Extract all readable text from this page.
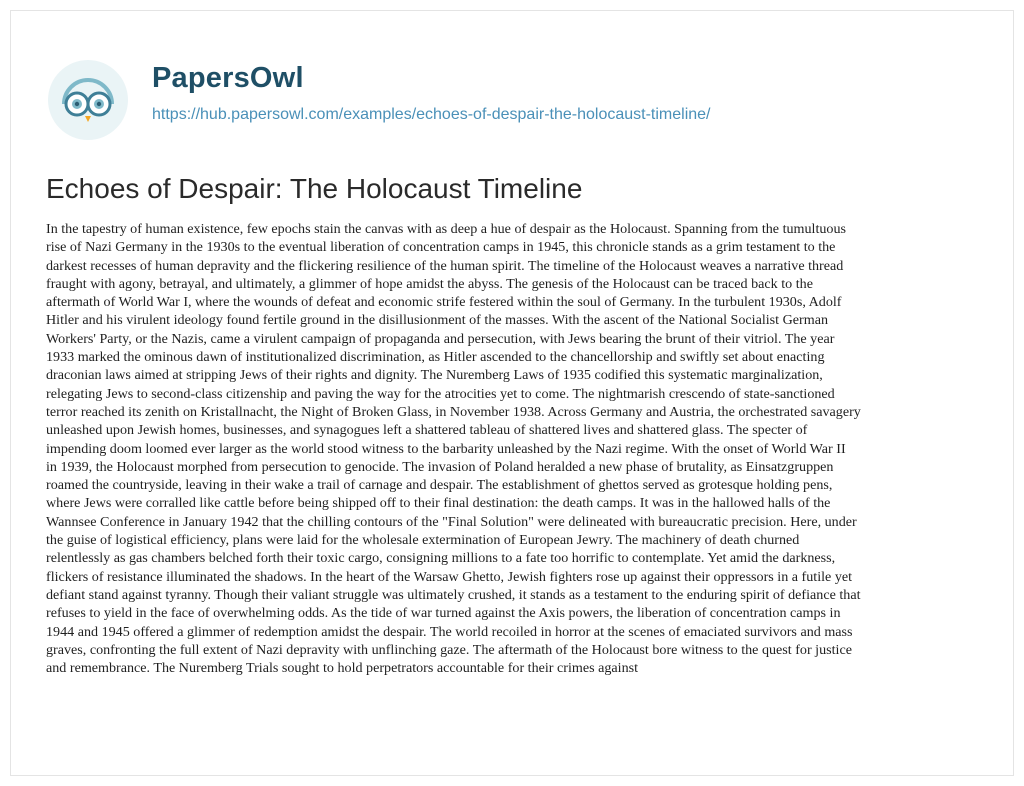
PapersOwl
https://hub.papersowl.com/examples/echoes-of-despair-the-holocaust-timeline/
Echoes of Despair: The Holocaust Timeline
In the tapestry of human existence, few epochs stain the canvas with as deep a hue of despair as the Holocaust. Spanning from the tumultuous
rise of Nazi Germany in the 1930s to the eventual liberation of concentration camps in 1945, this chronicle stands as a grim testament to the
darkest recesses of human depravity and the flickering resilience of the human spirit. The timeline of the Holocaust weaves a narrative thread
fraught with agony, betrayal, and ultimately, a glimmer of hope amidst the abyss. The genesis of the Holocaust can be traced back to the
aftermath of World War I, where the wounds of defeat and economic strife festered within the soul of Germany. In the turbulent 1930s, Adolf
Hitler and his virulent ideology found fertile ground in the disillusionment of the masses. With the ascent of the National Socialist German
Workers' Party, or the Nazis, came a virulent campaign of propaganda and persecution, with Jews bearing the brunt of their vitriol. The year
1933 marked the ominous dawn of institutionalized discrimination, as Hitler ascended to the chancellorship and swiftly set about enacting
draconian laws aimed at stripping Jews of their rights and dignity. The Nuremberg Laws of 1935 codified this systematic marginalization,
relegating Jews to second-class citizenship and paving the way for the atrocities yet to come. The nightmarish crescendo of state-sanctioned
terror reached its zenith on Kristallnacht, the Night of Broken Glass, in November 1938. Across Germany and Austria, the orchestrated savagery
unleashed upon Jewish homes, businesses, and synagogues left a shattered tableau of shattered lives and shattered glass. The specter of
impending doom loomed ever larger as the world stood witness to the barbarity unleashed by the Nazi regime. With the onset of World War II
in 1939, the Holocaust morphed from persecution to genocide. The invasion of Poland heralded a new phase of brutality, as Einsatzgruppen
roamed the countryside, leaving in their wake a trail of carnage and despair. The establishment of ghettos served as grotesque holding pens,
where Jews were corralled like cattle before being shipped off to their final destination: the death camps. It was in the hallowed halls of the
Wannsee Conference in January 1942 that the chilling contours of the "Final Solution" were delineated with bureaucratic precision. Here, under
the guise of logistical efficiency, plans were laid for the wholesale extermination of European Jewry. The machinery of death churned
relentlessly as gas chambers belched forth their toxic cargo, consigning millions to a fate too horrific to contemplate. Yet amid the darkness,
flickers of resistance illuminated the shadows. In the heart of the Warsaw Ghetto, Jewish fighters rose up against their oppressors in a futile yet
defiant stand against tyranny. Though their valiant struggle was ultimately crushed, it stands as a testament to the enduring spirit of defiance that
refuses to yield in the face of overwhelming odds. As the tide of war turned against the Axis powers, the liberation of concentration camps in
1944 and 1945 offered a glimmer of redemption amidst the despair. The world recoiled in horror at the scenes of emaciated survivors and mass
graves, confronting the full extent of Nazi depravity with unflinching gaze. The aftermath of the Holocaust bore witness to the quest for justice
and remembrance. The Nuremberg Trials sought to hold perpetrators accountable for their crimes against
